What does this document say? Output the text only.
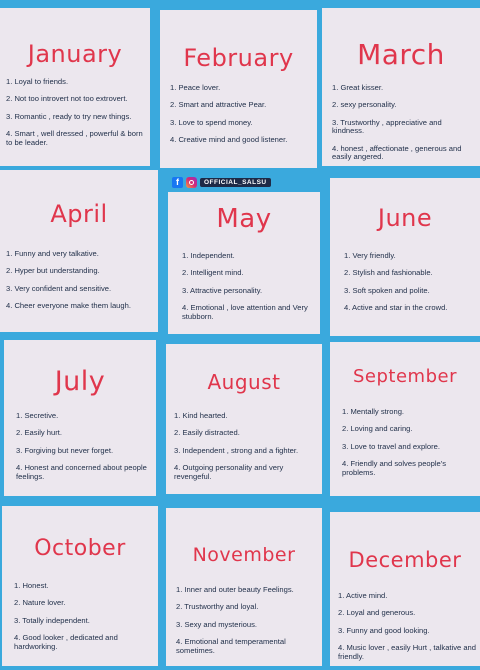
January
1. Loyal to friends.
2. Not too introvert not too extrovert.
3. Romantic , ready to try new things.
4. Smart , well dressed , powerful & born to be leader.
February
1. Peace lover.
2. Smart and attractive Pear.
3. Love to spend money.
4. Creative mind and good listener.
March
1. Great kisser.
2. sexy personality.
3. Trustworthy , appreciative and kindness.
4. honest , affectionate , generous and easily angered.
f	OFFICIAL_SALSU
April
1. Funny and very talkative.
2. Hyper but understanding.
3. Very confident and sensitive.
4. Cheer everyone make them laugh.
May
1. Independent.
2. Intelligent mind.
3. Attractive personality.
4. Emotional , love attention and Very stubborn.
June
1. Very friendly.
2. Stylish and fashionable.
3. Soft spoken and polite.
4. Active and star in the crowd.
July
1. Secretive.
2. Easily hurt.
3. Forgiving but never forget.
4. Honest and concerned about people feelings.
August
1. Kind hearted.
2. Easily distracted.
3. Independent , strong and a fighter.
4. Outgoing personality and very revengeful.
September
1. Mentally strong.
2. Loving and caring.
3. Love to travel and explore.
4. Friendly and solves people's problems.
October
1. Honest.
2. Nature lover.
3. Totally independent.
4. Good looker , dedicated and hardworking.
November
1. Inner and outer beauty Feelings.
2. Trustworthy and loyal.
3. Sexy and mysterious.
4. Emotional and temperamental sometimes.
December
1. Active mind.
2. Loyal and generous.
3. Funny and good looking.
4. Music lover , easily Hurt , talkative and friendly.
